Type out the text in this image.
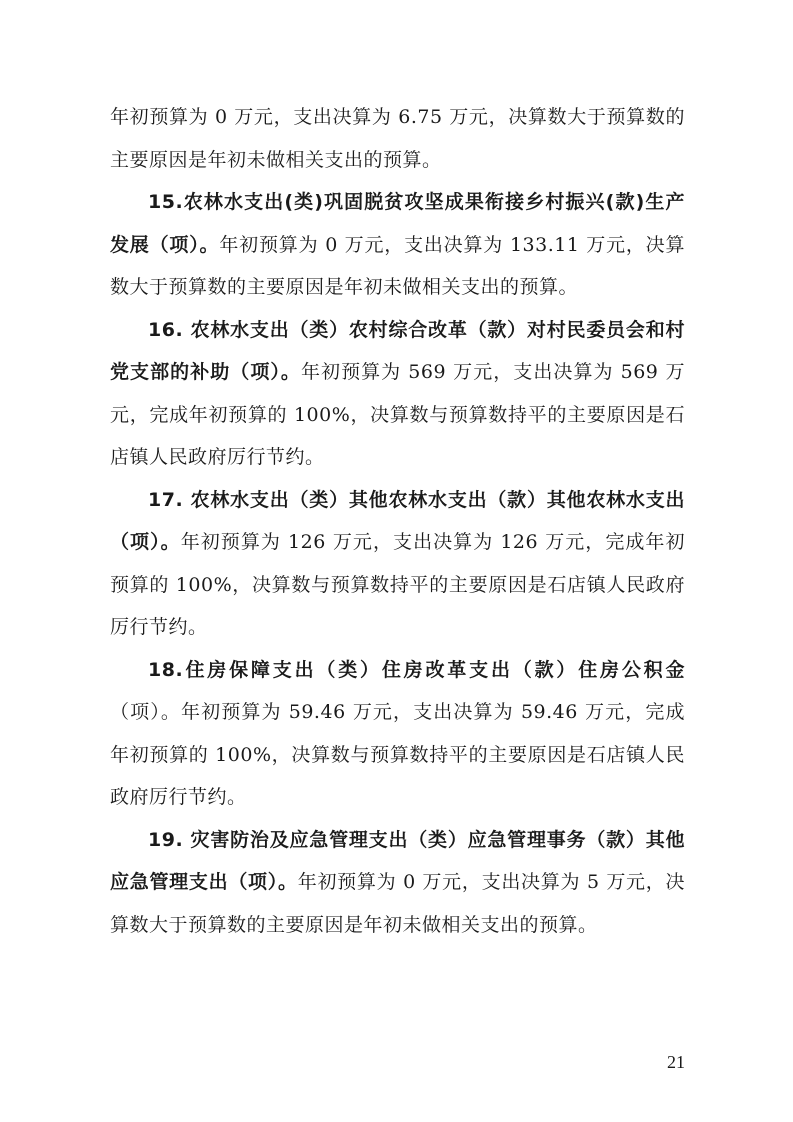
年初预算为 0 万元，支出决算为 6.75 万元，决算数大于预算数的主要原因是年初未做相关支出的预算。

15.农林水支出(类)巩固脱贫攻坚成果衔接乡村振兴(款)生产发展（项）。年初预算为 0 万元，支出决算为 133.11 万元，决算数大于预算数的主要原因是年初未做相关支出的预算。

16. 农林水支出（类）农村综合改革（款）对村民委员会和村党支部的补助（项）。年初预算为 569 万元，支出决算为 569 万元，完成年初预算的 100%，决算数与预算数持平的主要原因是石店镇人民政府厉行节约。

17. 农林水支出（类）其他农林水支出（款）其他农林水支出（项）。年初预算为 126 万元，支出决算为 126 万元，完成年初预算的 100%，决算数与预算数持平的主要原因是石店镇人民政府厉行节约。

18.住房保障支出（类）住房改革支出（款）住房公积金（项）。年初预算为 59.46 万元，支出决算为 59.46 万元，完成年初预算的 100%，决算数与预算数持平的主要原因是石店镇人民政府厉行节约。

19. 灾害防治及应急管理支出（类）应急管理事务（款）其他应急管理支出（项）。年初预算为 0 万元，支出决算为 5 万元，决算数大于预算数的主要原因是年初未做相关支出的预算。

21
